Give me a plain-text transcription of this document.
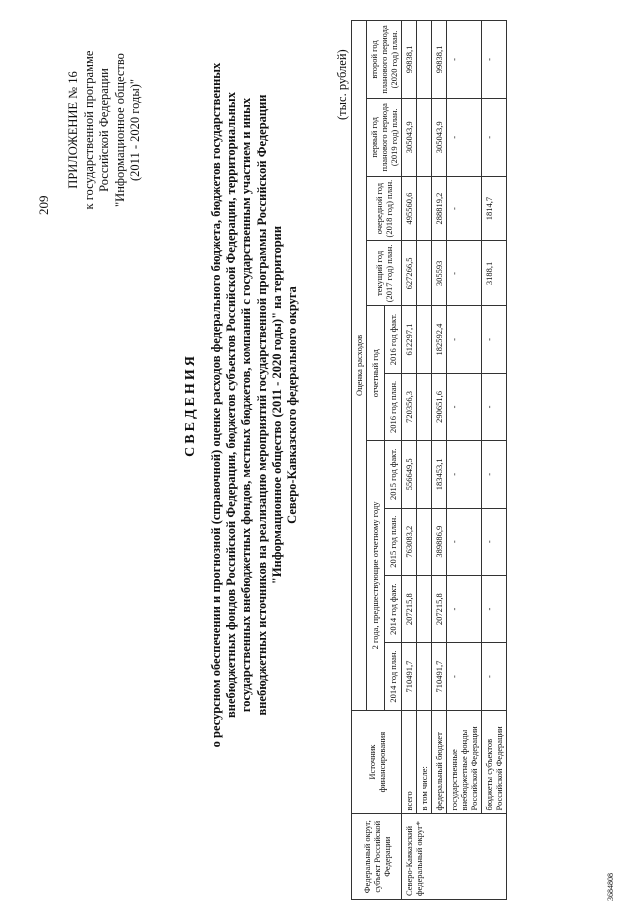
209
ПРИЛОЖЕНИЕ № 16 к государственной программе Российской Федерации "Информационное общество (2011 - 2020 годы)"
СВЕДЕНИЯ о ресурсном обеспечении и прогнозной (справочной) оценке расходов федерального бюджета, бюджетов государственных внебюджетных фондов Российской Федерации, бюджетов субъектов Российской Федерации, территориальных государственных внебюджетных фондов, местных бюджетов, компаний с государственным участием и иных внебюджетных источников на реализацию мероприятий государственной программы Российской Федерации "Информационное общество (2011 - 2020 годы)" на территории Северо-Кавказского федерального округа
(тыс. рублей)
Федеральный округ, субъект Российской Федерации	Источник финансирования	Оценка расходов									
		2 года, предшествующие отчетному году				отчетный год		текущий год (2017 год) план.	очередной год (2018 год) план.	первый год планового периода (2019 год) план.	второй год планового периода (2020 год) план.
		2014 год план.	2014 год факт.	2015 год план.	2015 год факт.	2016 год план.	2016 год факт.				
Северо-Кавказский федеральный округ*	всего	710491,7	207215,8	763083,2	556649,5	720356,3	612297,1	627266,5	495560,6	305043,9	99838,1
	в том числе:										
	федеральный бюджет	710491,7	207215,8	389886,9	183453,1	290651,6	182592,4	305593	288819,2	305043,9	99838,1
	государственные внебюджетные фонды Российской Федерации	-	-	-	-	-	-	-	-	-	-
	бюджеты субъектов Российской Федерации	-	-	-	-	-	-	3188,1	1814,7	-	-
3684808
